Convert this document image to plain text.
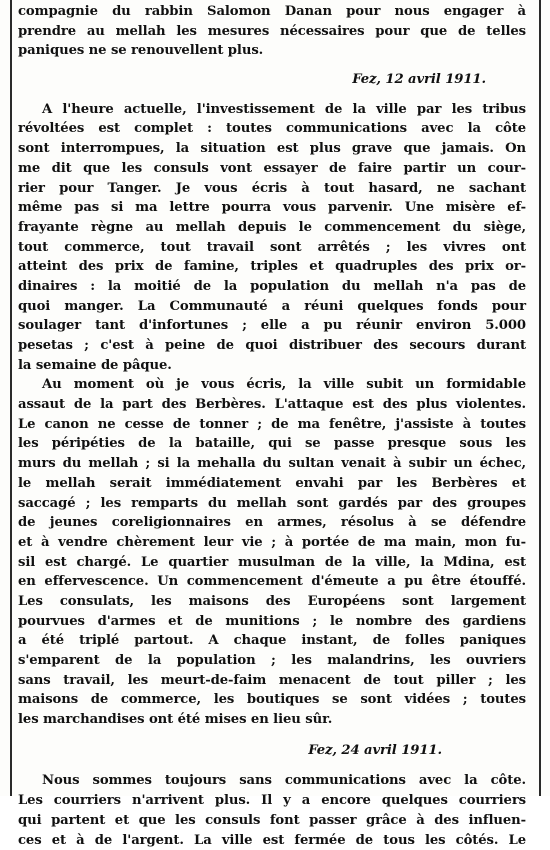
compagnie du rabbin Salomon Danan pour nous engager à
prendre au mellah les mesures nécessaires pour que de telles
paniques ne se renouvellent plus.
Fez, 12 avril 1911.
A l'heure actuelle, l'investissement de la ville par les tribus
révoltées est complet : toutes communications avec la côte
sont interrompues, la situation est plus grave que jamais. On
me dit que les consuls vont essayer de faire partir un cour-
rier pour Tanger. Je vous écris à tout hasard, ne sachant
même pas si ma lettre pourra vous parvenir. Une misère ef-
frayante règne au mellah depuis le commencement du siège,
tout commerce, tout travail sont arrêtés ; les vivres ont
atteint des prix de famine, triples et quadruples des prix or-
dinaires : la moitié de la population du mellah n'a pas de
quoi manger. La Communauté a réuni quelques fonds pour
soulager tant d'infortunes ; elle a pu réunir environ 5.000
pesetas ; c'est à peine de quoi distribuer des secours durant
la semaine de pâque.
Au moment où je vous écris, la ville subit un formidable
assaut de la part des Berbères. L'attaque est des plus violentes.
Le canon ne cesse de tonner ; de ma fenêtre, j'assiste à toutes
les péripéties de la bataille, qui se passe presque sous les
murs du mellah ; si la mehalla du sultan venait à subir un échec,
le mellah serait immédiatement envahi par les Berbères et
saccagé ; les remparts du mellah sont gardés par des groupes
de jeunes coreligionnaires en armes, résolus à se défendre
et à vendre chèrement leur vie ; à portée de ma main, mon fu-
sil est chargé. Le quartier musulman de la ville, la Mdina, est
en effervescence. Un commencement d'émeute a pu être étouffé.
Les consulats, les maisons des Européens sont largement
pourvues d'armes et de munitions ; le nombre des gardiens
a été triplé partout. A chaque instant, de folles paniques
s'emparent de la population ; les malandrins, les ouvriers
sans travail, les meurt-de-faim menacent de tout piller ; les
maisons de commerce, les boutiques se sont vidées ; toutes
les marchandises ont été mises en lieu sûr.
Fez, 24 avril 1911.
Nous sommes toujours sans communications avec la côte.
Les courriers n'arrivent plus. Il y a encore quelques courriers
qui partent et que les consuls font passer grâce à des influen-
ces et à de l'argent. La ville est fermée de tous les côtés. Le
